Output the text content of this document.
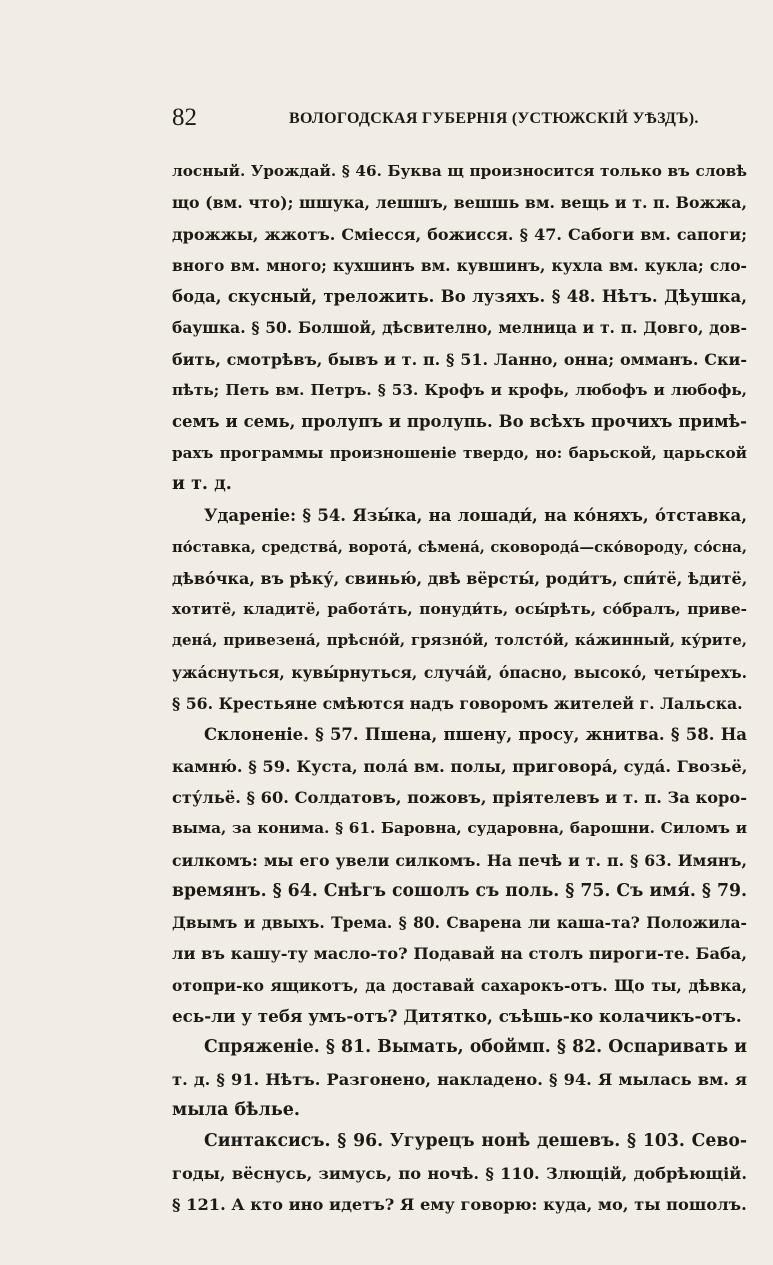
82	ВОЛОГОДСКАЯ ГУБЕРНІЯ (УСТЮЖСКІЙ УѢЗДЪ).
лосный. Урождай. § 46. Буква щ произносится только въ словѣ
що (вм. что); шшука, лешшъ, вешшь вм. вещь и т. п. Вожжа,
дрожжы, жжотъ. Сміесся, божисся. § 47. Сабоги вм. сапоги;
вного вм. много; кухшинъ вм. кувшинъ, кухла вм. кукла; сло-
бода, скусный, треложить. Во лузяхъ. § 48. Нѣтъ. Дѣушка,
баушка. § 50. Болшой, дѣсвително, мелница и т. п. Довго, дов-
бить, смотрѣвъ, бывъ и т. п. § 51. Ланно, онна; омманъ. Ски-
пѣть; Петь вм. Петръ. § 53. Крофъ и крофь, любофъ и любофь,
семъ и семь, пролупъ и пролупь. Во всѣхъ прочихъ примѣ-
рахъ программы произношеніе твердо, но: барьской, царьской
и т. д.
Удареніе: § 54. Язы́ка, на лошади́, на ко́няхъ, о́тставка,
по́ставка, средства́, ворота́, сѣмена́, сковорода́—ско́вороду, со́сна,
дѣво́чка, въ рѣку́, свинью́, двѣ вёрсты́, роди́тъ, спи́тё, ѣдитё,
хотитё, кладитё, работа́ть, понуди́ть, осы́рѣть, со́бралъ, приве-
дена́, привезена́, прѣсно́й, грязно́й, толсто́й, ка́жинный, ку́рите,
ужа́снуться, кувы́рнуться, случа́й, о́пасно, высоко́, четы́рехъ.
§ 56. Крестьяне смѣются надъ говоромъ жителей г. Лальска.
Склоненіе. § 57. Пшена, пшену, просу, жнитва. § 58. На
камню́. § 59. Куста, пола́ вм. полы, приговора́, суда́. Гвозьё,
сту́льё. § 60. Солдатовъ, пожовъ, пріятелевъ и т. п. За коро-
выма, за конима. § 61. Баровна, сударовна, барошни. Силомъ и
силкомъ: мы его увели силкомъ. На печѣ и т. п. § 63. Имянъ,
времянъ. § 64. Снѣгъ сошолъ съ поль. § 75. Съ имя́. § 79.
Двымъ и двыхъ. Трема. § 80. Сварена ли каша-та? Положила-
ли въ кашу-ту масло-то? Подавай на столъ пироги-те. Баба,
отопри-ко ящикотъ, да доставай сахарокъ-отъ. Що ты, дѣвка,
есь-ли у тебя умъ-отъ? Дитятко, съѣшь-ко колачикъ-отъ.
Спряженіе. § 81. Вымать, обоймп. § 82. Оспаривать и
т. д. § 91. Нѣтъ. Разгонено, накладено. § 94. Я мылась вм. я
мыла бѣлье.
Синтаксисъ. § 96. Угурецъ нонѣ дешевъ. § 103. Сево-
годы, вёснусь, зимусь, по ночѣ. § 110. Злющій, добрѣющій.
§ 121. А кто ино идетъ? Я ему говорю: куда, мо, ты пошолъ.
